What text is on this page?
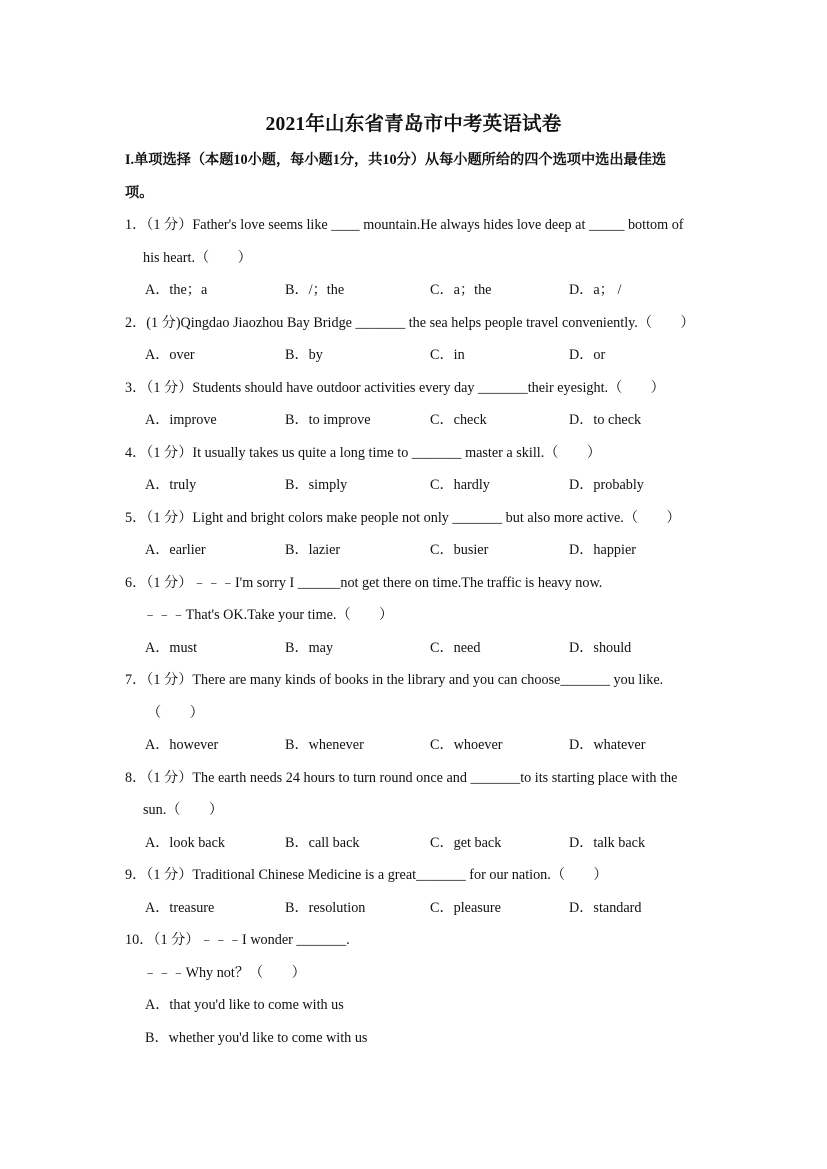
2021年山东省青岛市中考英语试卷
I.单项选择（本题10小题，每小题1分，共10分）从每小题所给的四个选项中选出最佳选
项。
1．（1 分）Father's love seems like ____ mountain.He always hides love deep at _____ bottom of
his heart.（　　）
A．the；a	B．/；the	C．a；the	D．a； /
2．(1 分)Qingdao Jiaozhou Bay Bridge _______ the sea helps people travel conveniently.（　　）
A．over	B．by	C．in	D．or
3．（1 分）Students should have outdoor activities every day _______their eyesight.（　　）
A．improve	B．to improve	C．check	D．to check
4．（1 分）It usually takes us quite a long time to _______ master a skill.（　　）
A．truly	B．simply	C．hardly	D．probably
5．（1 分）Light and bright colors make people not only _______ but also more active.（　　）
A．earlier	B．lazier	C．busier	D．happier
6．（1 分）﹣﹣﹣I'm sorry I ______not get there on time.The traffic is heavy now.
﹣﹣﹣That's OK.Take your time.（　　）
A．must	B．may	C．need	D．should
7．（1 分）There are many kinds of books in the library and you can choose_______ you like.
（　　）
A．however	B．whenever	C．whoever	D．whatever
8．（1 分）The earth needs 24 hours to turn round once and _______to its starting place with the
sun.（　　）
A．look back	B．call back	C．get back	D．talk back
9．（1 分）Traditional Chinese Medicine is a great_______ for our nation.（　　）
A．treasure	B．resolution	C．pleasure	D．standard
10．（1 分）﹣﹣﹣I wonder _______.
﹣﹣﹣Why not？（　　）
A．that you'd like to come with us
B．whether you'd like to come with us
